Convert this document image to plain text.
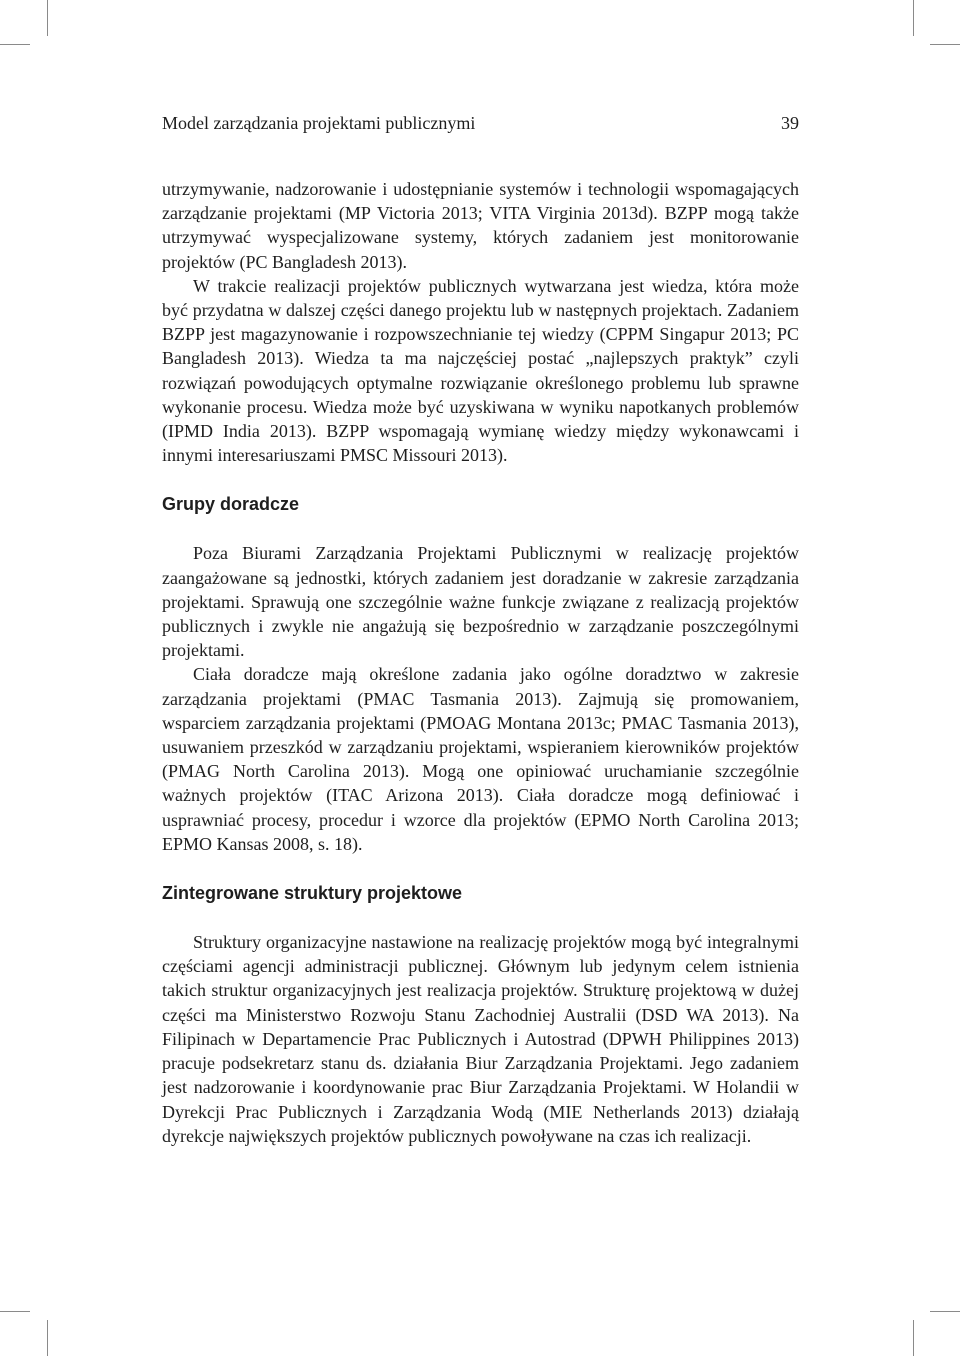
Model zarządzania projektami publicznymi	39

utrzymywanie, nadzorowanie i udostępnianie systemów i technologii wspomagających zarządzanie projektami (MP Victoria 2013; VITA Virginia 2013d). BZPP mogą także utrzymywać wyspecjalizowane systemy, których zadaniem jest monitorowanie projektów (PC Bangladesh 2013).

W trakcie realizacji projektów publicznych wytwarzana jest wiedza, która może być przydatna w dalszej części danego projektu lub w następnych projektach. Zadaniem BZPP jest magazynowanie i rozpowszechnianie tej wiedzy (CPPM Singapur 2013; PC Bangladesh 2013). Wiedza ta ma najczęściej postać „najlepszych praktyk” czyli rozwiązań powodujących optymalne rozwiązanie określonego problemu lub sprawne wykonanie procesu. Wiedza może być uzyskiwana w wyniku napotkanych problemów (IPMD India 2013). BZPP wspomagają wymianę wiedzy między wykonawcami i innymi interesariuszami PMSC Missouri 2013).

Grupy doradcze

Poza Biurami Zarządzania Projektami Publicznymi w realizację projektów zaangażowane są jednostki, których zadaniem jest doradzanie w zakresie zarządzania projektami. Sprawują one szczególnie ważne funkcje związane z realizacją projektów publicznych i zwykle nie angażują się bezpośrednio w zarządzanie poszczególnymi projektami.

Ciała doradcze mają określone zadania jako ogólne doradztwo w zakresie zarządzania projektami (PMAC Tasmania 2013). Zajmują się promowaniem, wsparciem zarządzania projektami (PMOAG Montana 2013c; PMAC Tasmania 2013), usuwaniem przeszkód w zarządzaniu projektami, wspieraniem kierowników projektów (PMAG North Carolina 2013). Mogą one opiniować uruchamianie szczególnie ważnych projektów (ITAC Arizona 2013). Ciała doradcze mogą definiować i usprawniać procesy, procedur i wzorce dla projektów (EPMO North Carolina 2013; EPMO Kansas 2008, s. 18).

Zintegrowane struktury projektowe

Struktury organizacyjne nastawione na realizację projektów mogą być integralnymi częściami agencji administracji publicznej. Głównym lub jedynym celem istnienia takich struktur organizacyjnych jest realizacja projektów. Strukturę projektową w dużej części ma Ministerstwo Rozwoju Stanu Zachodniej Australii (DSD WA 2013). Na Filipinach w Departamencie Prac Publicznych i Autostrad (DPWH Philippines 2013) pracuje podsekretarz stanu ds. działania Biur Zarządzania Projektami. Jego zadaniem jest nadzorowanie i koordynowanie prac Biur Zarządzania Projektami. W Holandii w Dyrekcji Prac Publicznych i Zarządzania Wodą (MIE Netherlands 2013) działają dyrekcje największych projektów publicznych powoływane na czas ich realizacji.
